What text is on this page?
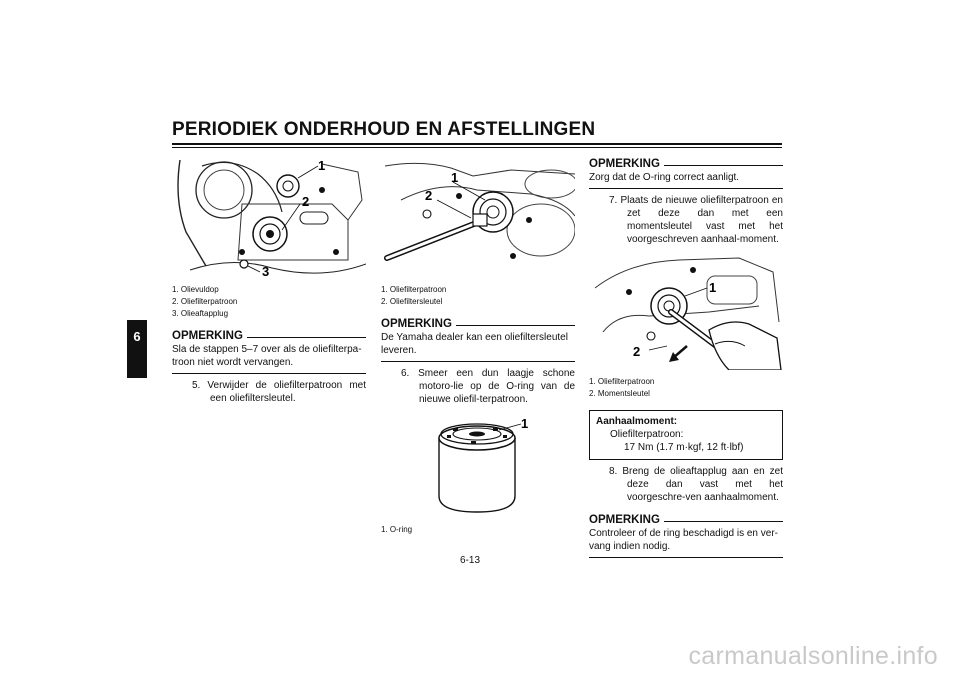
PERIODIEK ONDERHOUD EN AFSTELLINGEN
6
1
2
3
1. Olievuldop
2. Oliefilterpatroon
3. Olieaftapplug
OPMERKING
Sla de stappen 5–7 over als de oliefilterpa-troon niet wordt vervangen.
5. Verwijder de oliefilterpatroon met een oliefiltersleutel.
1
2
1. Oliefilterpatroon
2. Oliefiltersleutel
OPMERKING
De Yamaha dealer kan een oliefiltersleutel leveren.
6. Smeer een dun laagje schone motoro-lie op de O-ring van de nieuwe oliefil-terpatroon.
1
1. O-ring
OPMERKING
Zorg dat de O-ring correct aanligt.
7. Plaats de nieuwe oliefilterpatroon en zet deze dan met een momentsleutel vast met het voorgeschreven aanhaal-moment.
1
2
1. Oliefilterpatroon
2. Momentsleutel
Aanhaalmoment:
Oliefilterpatroon:
17 Nm (1.7 m·kgf, 12 ft·lbf)
8. Breng de olieaftapplug aan en zet deze dan vast met het voorgeschre-ven aanhaalmoment.
OPMERKING
Controleer of de ring beschadigd is en ver-vang indien nodig.
6-13
carmanualsonline.info
